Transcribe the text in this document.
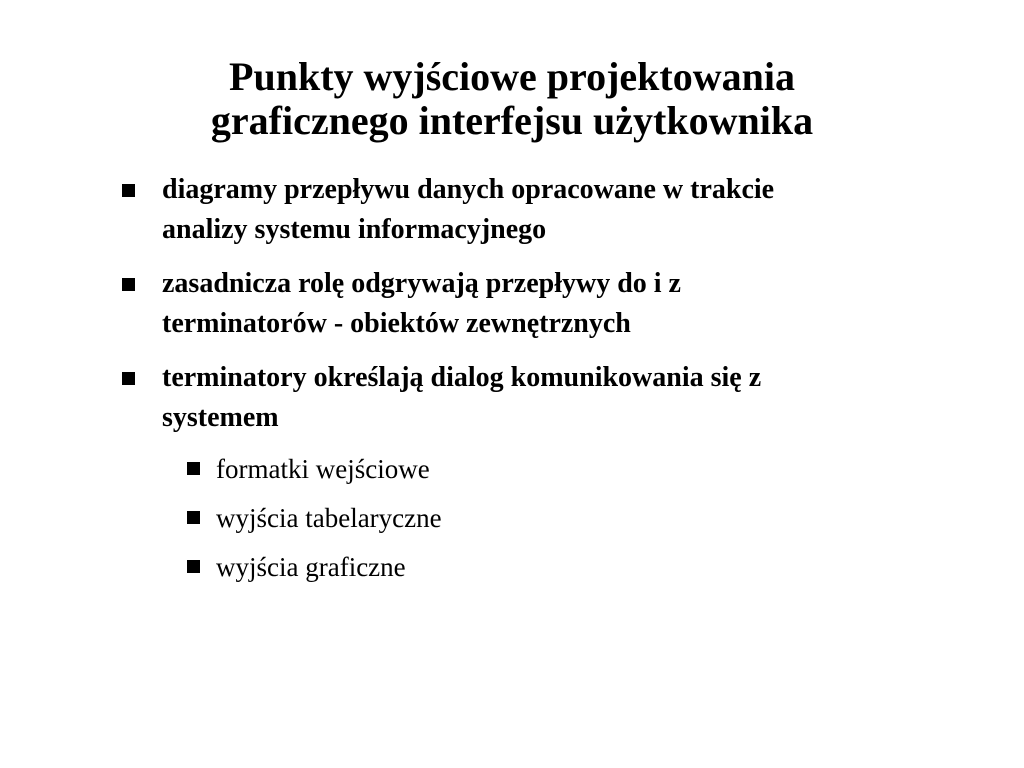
Punkty wyjściowe projektowania
graficznego interfejsu użytkownika
diagramy przepływu danych opracowane w trakcie
analizy systemu informacyjnego
zasadnicza rolę odgrywają przepływy do i z
terminatorów - obiektów zewnętrznych
terminatory określają dialog komunikowania się z
systemem
formatki wejściowe
wyjścia tabelaryczne
wyjścia graficzne
